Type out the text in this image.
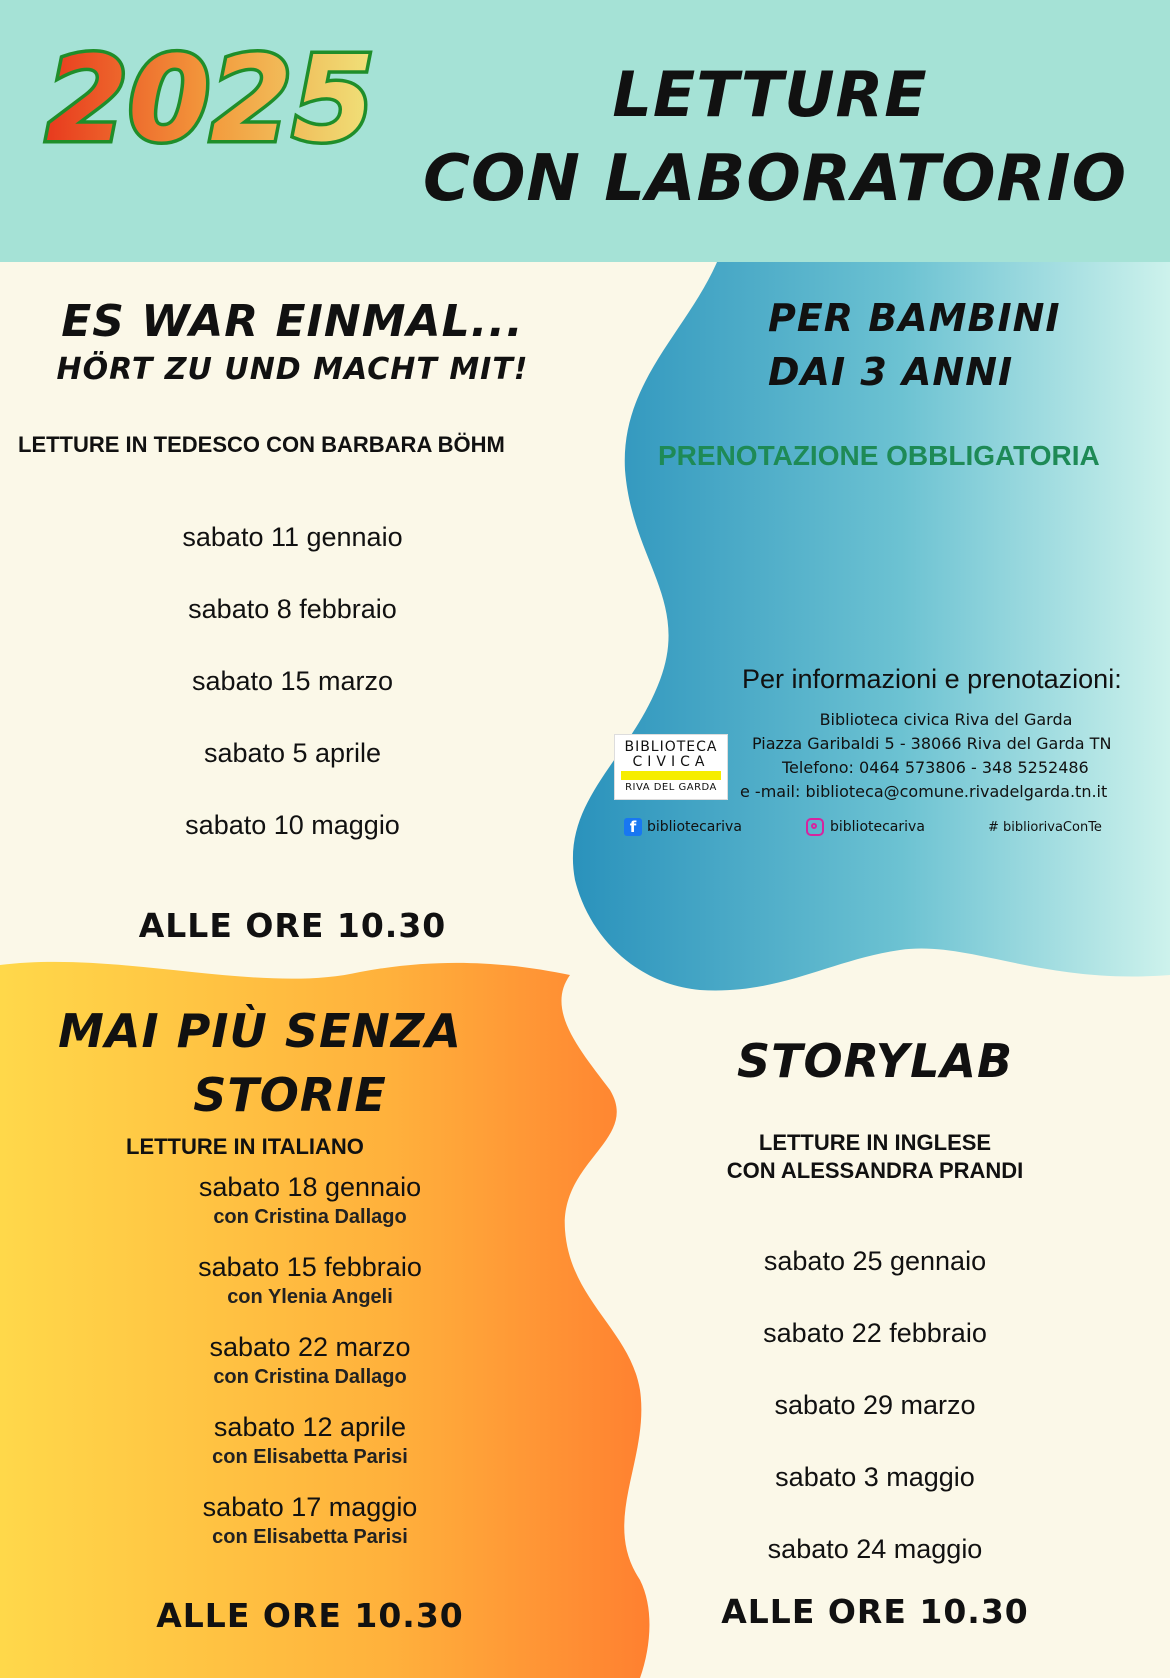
2025	LETTURE
CON LABORATORIO
ES WAR EINMAL...
HÖRT ZU UND MACHT MIT!
LETTURE IN TEDESCO CON BARBARA BÖHM
sabato 11 gennaio
sabato 8 febbraio
sabato 15 marzo
sabato 5 aprile
sabato 10 maggio
ALLE ORE 10.30
PER BAMBINI
DAI 3 ANNI
PRENOTAZIONE OBBLIGATORIA
Per informazioni e prenotazioni:
BIBLIOTECA
CIVICA
RIVA DEL GARDA
Biblioteca civica Riva del Garda
Piazza Garibaldi 5 - 38066 Riva del Garda TN
Telefono: 0464 573806 - 348 5252486
e -mail: biblioteca@comune.rivadelgarda.tn.it
f bibliotecariva	bibliotecariva	# bibliorivaConTe
MAI PIÙ SENZA
STORIE
LETTURE IN ITALIANO
sabato 18 gennaio
con Cristina Dallago
sabato 15 febbraio
con Ylenia Angeli
sabato 22 marzo
con Cristina Dallago
sabato 12 aprile
con Elisabetta Parisi
sabato 17 maggio
con Elisabetta Parisi
ALLE ORE 10.30
STORYLAB
LETTURE IN INGLESE
CON ALESSANDRA PRANDI
sabato 25 gennaio
sabato 22 febbraio
sabato 29 marzo
sabato 3 maggio
sabato 24 maggio
ALLE ORE 10.30
